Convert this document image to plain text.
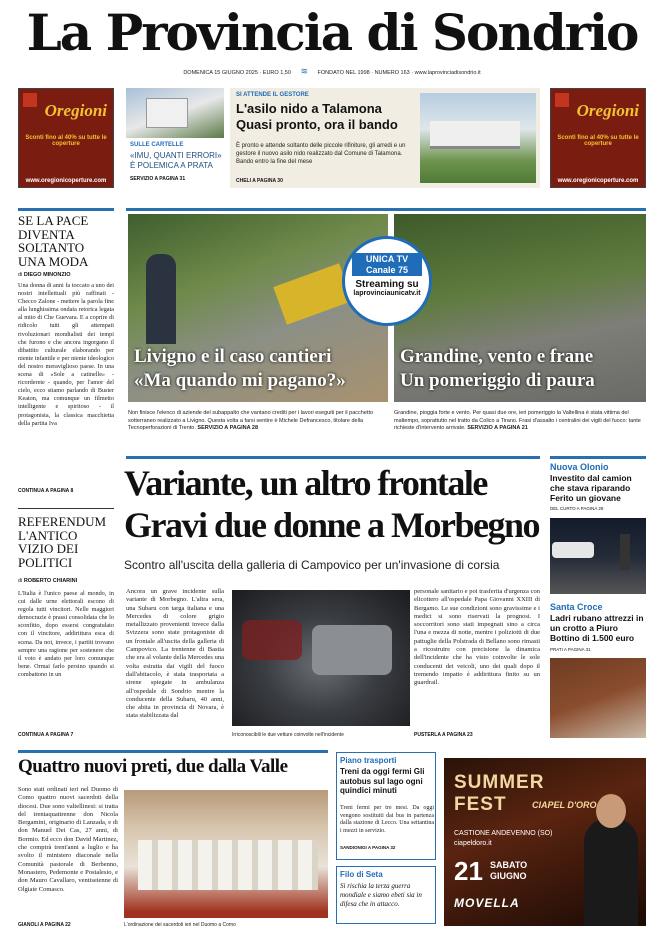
La Provincia di Sondrio
DOMENICA 15 GIUGNO 2025 · EURO 1,50 ≋ FONDATO NEL 1998 · NUMERO 163 · www.laprovinciadisondrio.it
Oregioni
Sconti fino al 40% su tutte le coperture
www.oregionicoperture.com
SULLE CARTELLE
«IMU, QUANTI ERRORI» È POLEMICA A PRATA
SERVIZIO A PAGINA 31
SI ATTENDE IL GESTORE
L'asilo nido a Talamona
Quasi pronto, ora il bando
È pronto e attende soltanto delle piccole rifiniture, gli arredi e un gestore il nuovo asilo nido realizzato dal Comune di Talamona. Bando entro la fine del mese
CHELI A PAGINA 30
Oregioni
Sconti fino al 40% su tutte le coperture
www.oregionicoperture.com
SE LA PACE DIVENTA SOLTANTO UNA MODA
di DIEGO MINONZIO
Una donna di anni fa toccato a uno dei nostri intellettuali più raffinati - Checco Zalone - mettere la parola fine alla lunghissima ondata retorica legata al mito di Che Guevara. E a coprire di ridicolo tutti gli attempati rivoluzionari mondialisti dei tempi che furono e che ancora ingorgano il dibattito culturale elaborando per niente infantile e per niente ideologico del nostro meraviglioso paese. In una scena di «Sole a catinelle» - ricorderete - quando, per l'amor del cielo, ecco stiamo parlando di Buster Keaton, ma comunque un filmetto intelligente e spiritoso - il protagonista, la classica macchietta della partita Iva
CONTINUA A PAGINA 8
REFERENDUM L'ANTICO VIZIO DEI POLITICI
di ROBERTO CHIARINI
L'Italia è l'unico paese al mondo, in cui dalle urne elettorali escono di regola tutti vincitori. Nelle maggiori democrazie è prassi consolidata che lo sconfitto, dopo essersi congratulato con il vincitore, addirittura esca di scena. Da noi, invece, i partiti trovano sempre una ragione per sostenere che il voto è andato per loro comunque bene. Ormai farlo persino quando si combattono in un
CONTINUA A PAGINA 7
Livigno e il caso cantieri
«Ma quando mi pagano?»
Non finisce l'elenco di aziende del subappalto che vantano crediti per i lavori eseguiti per il pacchetto sotterraneo realizzato a Livigno. Questa volta a farsi sentire è Michele Defrancesco, titolare della Tecnoperforazioni di Trento. SERVIZIO A PAGINA 28
Grandine, vento e frane
Un pomeriggio di paura
Grandine, pioggia forte e vento. Per quasi due ore, ieri pomeriggio la Valtellina è stata vittima del maltempo, soprattutto nel tratto da Colico a Tirano. Frasi d'assalto i centralini dei vigili del fuoco: tante richieste d'intervento arrivate. SERVIZIO A PAGINA 21
UNICA TV
Canale 75
Streaming su
laprovinciaunicatv.it
Variante, un altro frontale
Gravi due donne a Morbegno
Scontro all'uscita della galleria di Campovico per un'invasione di corsia
Ancora un grave incidente sulla variante di Morbegno. L'altra sera, una Subaru con targa italiana e una Mercedes di colore grigio metallizzato provenienti invece dalla Svizzera sono state protagoniste di un frontale all'uscita della galleria di Campovico. La trentenne di Bastia che era al volante della Mercedes una volta estratta dai vigili del fuoco dall'abitacolo, è stata trasportata a sirene spiegate in ambulanza all'ospedale di Sondrio mentre la conducente della Subaru, 40 anni, che abita in provincia di Novara, è stata stabilizzata dal
Irriconoscibili le due vetture coinvolte nell'incidente
personale sanitario e poi trasferita d'urgenza con elicottero all'ospedale Papa Giovanni XXIII di Bergamo. Le sue condizioni sono gravissime e i medici si sono riservati la prognosi. I soccorritori sono stati impegnati sino a circa l'una e mezza di notte, mentre i poliziotti di due pattuglie della Polstrada di Bellano sono rimasti a ricostruire con precisione la dinamica dell'incidente che ha visto coinvolte le sole conducenti dei veicoli, uno dei quali dopo il tremendo impatto è addirittura finito su un guardrail.
PUSTERLA A PAGINA 23
Nuova Olonio
Investito dal camion che stava riparando Ferito un giovane
DEL CURTO A PAGINA 29
Santa Croce
Ladri rubano attrezzi in un crotto a Piuro Bottino di 1.500 euro
PRATI A PAGINA 31
Quattro nuovi preti, due dalla Valle
Sono stati ordinati ieri nel Duomo di Como quattro nuovi sacerdoti della diocesi. Due sono valtellinesi: si tratta del trentaquattrenne don Nicola Bergamini, originario di Lanzada, e di don Manuel Dei Cas, 27 anni, di Bormio. Ed ecco don David Martinez, che compirà trent'anni a luglio e ha svolto il ministero diaconale nella Comunità pastorale di Berbenno, Monastero, Pedemonte e Postalesio, e don Mauro Cavallaro, ventiseienne di Olgiate Comasco.
GIANOLI A PAGINA 22	L'ordinazione dei sacerdoti ieri nel Duomo a Como
Piano trasporti
Treni da oggi fermi Gli autobus sul lago ogni quindici minuti
Treni fermi per tre mesi. Da oggi vengono sostituiti dai bus in partenza dalla stazione di Lecco. Una settantina i mezzi in servizio.
SANDIONIGI A PAGINA 32
Filo di Seta
Si rischia la terza guerra mondiale e siamo ebeti sia in difesa che in attacco.
SUMMER
FEST	CIAPEL D'ORO
CASTIONE ANDEVENNO (SO)
ciapeldoro.it
21 SABATO
GIUGNO
MOVELLA
